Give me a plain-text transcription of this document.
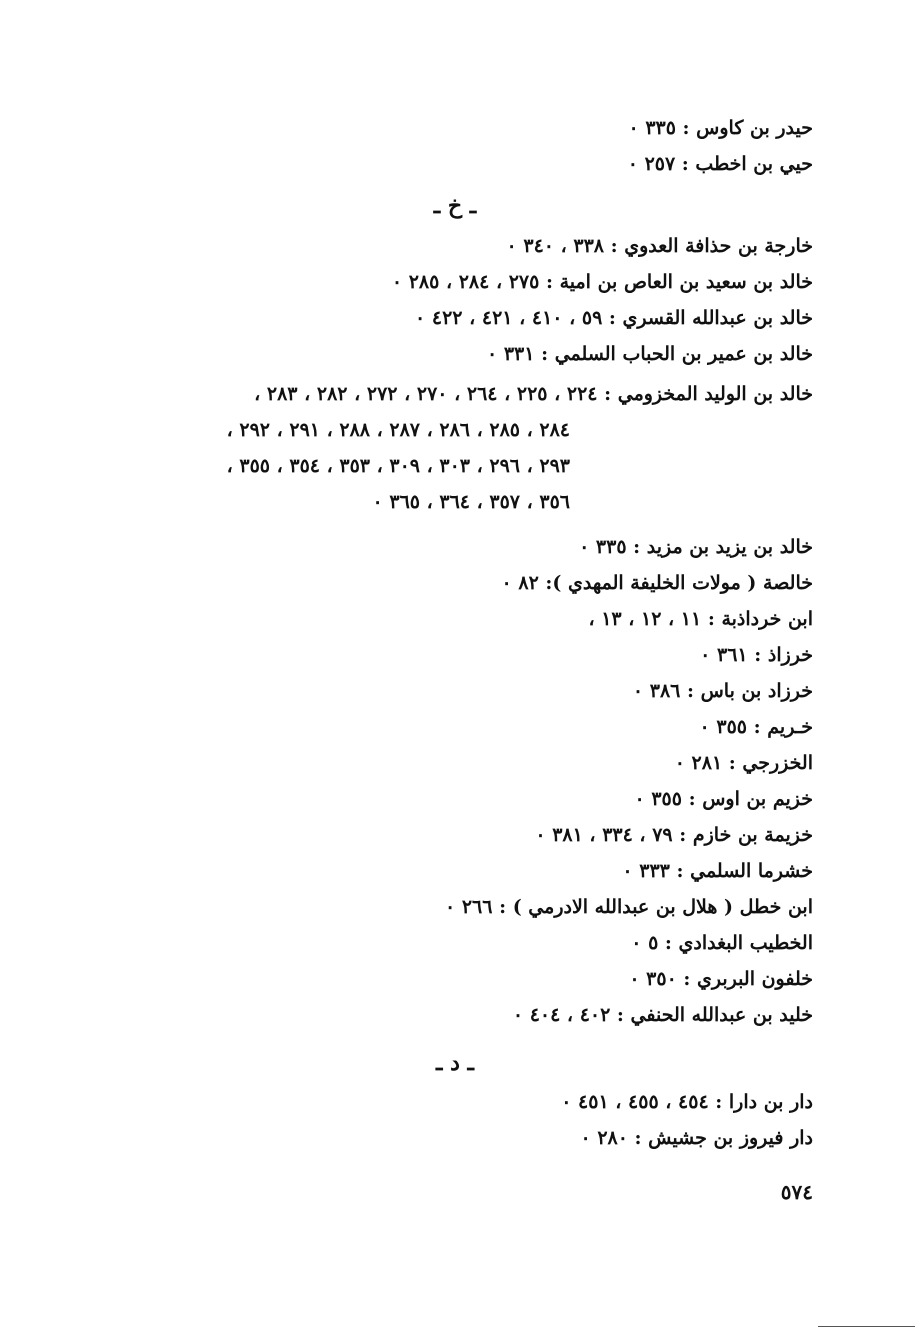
حيدر بن كاوس : ٣٣٥ ٠
حيي بن اخطب : ٢٥٧ ٠
ـ خ ـ
خارجة بن حذافة العدوي : ٣٣٨ ، ٣٤٠ ٠
خالد بن سعيد بن العاص بن امية : ٢٧٥ ، ٢٨٤ ، ٢٨٥ ٠
خالد بن عبدالله القسري : ٥٩ ، ٤١٠ ، ٤٢١ ، ٤٢٢ ٠
خالد بن عمير بن الحباب السلمي : ٣٣١ ٠
خالد بن الوليد المخزومي : ٢٢٤ ، ٢٢٥ ، ٢٦٤ ، ٢٧٠ ، ٢٧٢ ، ٢٨٢ ، ٢٨٣ ،
٢٨٤ ، ٢٨٥ ، ٢٨٦ ، ٢٨٧ ، ٢٨٨ ، ٢٩١ ، ٢٩٢ ،
٢٩٣ ، ٢٩٦ ، ٣٠٣ ، ٣٠٩ ، ٣٥٣ ، ٣٥٤ ، ٣٥٥ ،
٣٥٦ ، ٣٥٧ ، ٣٦٤ ، ٣٦٥ ٠
خالد بن يزيد بن مزيد : ٣٣٥ ٠
خالصة ( مولات الخليفة المهدي ): ٨٢ ٠
ابن خرداذبة : ١١ ، ١٢ ، ١٣ ،
خرزاذ : ٣٦١ ٠
خرزاد بن باس : ٣٨٦ ٠
خـريم : ٣٥٥ ٠
الخزرجي : ٢٨١ ٠
خزيم بن اوس : ٣٥٥ ٠
خزيمة بن خازم : ٧٩ ، ٣٣٤ ، ٣٨١ ٠
خشرما السلمي : ٣٣٣ ٠
ابن خطل ( هلال بن عبدالله الادرمي ) : ٢٦٦ ٠
الخطيب البغدادي : ٥ ٠
خلفون البربري : ٣٥٠ ٠
خليد بن عبدالله الحنفي : ٤٠٢ ، ٤٠٤ ٠
ـ د ـ
دار بن دارا : ٤٥٤ ، ٤٥٥ ، ٤٥١ ٠
دار فيروز بن جشيش : ٢٨٠ ٠
٥٧٤
